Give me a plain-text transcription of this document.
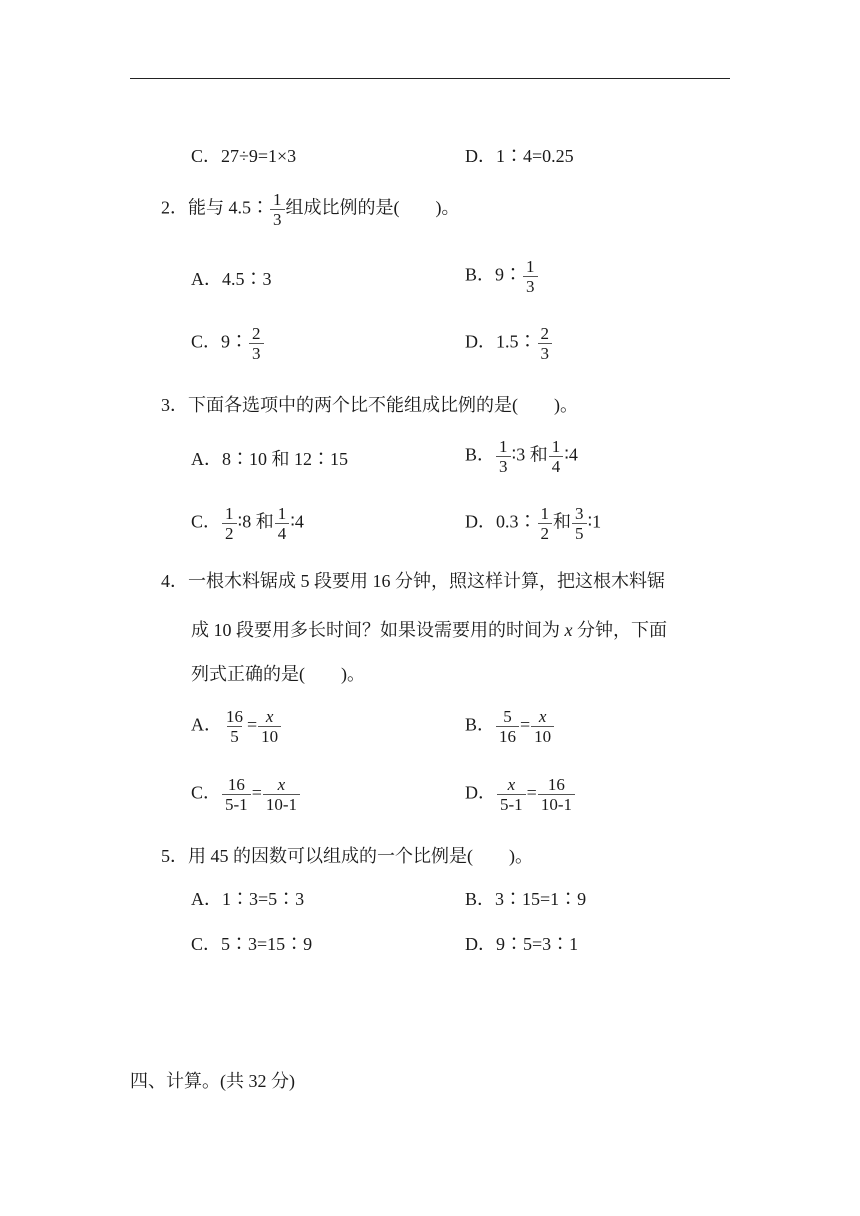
C．27÷9=1×3	D．1∶4=0.25
2．能与 4.5∶ $\frac{1}{3}$ 组成比例的是(　　)。
A．4.5∶3	B．9∶ $\frac{1}{3}$
C．9∶ $\frac{2}{3}$	D．1.5∶ $\frac{2}{3}$
3．下面各选项中的两个比不能组成比例的是(　　)。
A．8∶10 和 12∶15	B． $\frac{1}{3}$ ∶3 和 $\frac{1}{4}$ ∶4
C． $\frac{1}{2}$ ∶8 和 $\frac{1}{4}$ ∶4	D．0.3∶ $\frac{1}{2}$ 和 $\frac{3}{5}$ ∶1
4．一根木料锯成 5 段要用 16 分钟，照这样计算，把这根木料锯
成 10 段要用多长时间？如果设需要用的时间为 x 分钟，下面
列式正确的是(　　)。
A． $\frac{16}{5} = \frac{x}{10}$	B． $\frac{5}{16} = \frac{x}{10}$
C． $\frac{16}{5-1} = \frac{x}{10-1}$	D． $\frac{x}{5-1} = \frac{16}{10-1}$
5．用 45 的因数可以组成的一个比例是(　　)。
A．1∶3=5∶3	B．3∶15=1∶9
C．5∶3=15∶9	D．9∶5=3∶1
四、计算。(共 32 分)
